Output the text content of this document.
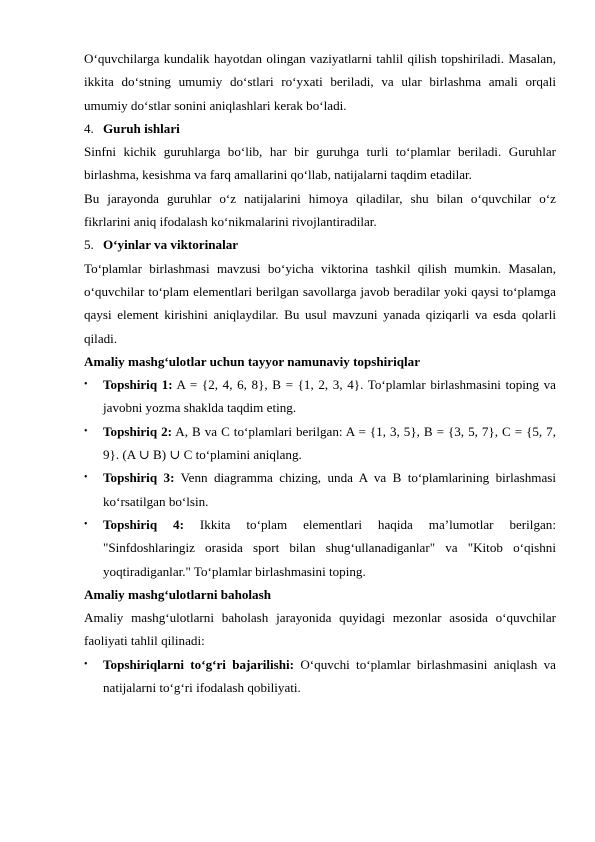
O‘quvchilarga kundalik hayotdan olingan vaziyatlarni tahlil qilish topshiriladi. Masalan, ikkita do‘stning umumiy do‘stlari ro‘yxati beriladi, va ular birlashma amali orqali umumiy do‘stlar sonini aniqlashlari kerak bo‘ladi.

4. Guruh ishlari

Sinfni kichik guruhlarga bo‘lib, har bir guruhga turli to‘plamlar beriladi. Guruhlar birlashma, kesishma va farq amallarini qo‘llab, natijalarni taqdim etadilar.

Bu jarayonda guruhlar o‘z natijalarini himoya qiladilar, shu bilan o‘quvchilar o‘z fikrlarini aniq ifodalash ko‘nikmalarini rivojlantiradilar.

5. O‘yinlar va viktorinalar

To‘plamlar birlashmasi mavzusi bo‘yicha viktorina tashkil qilish mumkin. Masalan, o‘quvchilar to‘plam elementlari berilgan savollarga javob beradilar yoki qaysi to‘plamga qaysi element kirishini aniqlaydilar. Bu usul mavzuni yanada qiziqarli va esda qolarli qiladi.

Amaliy mashg‘ulotlar uchun tayyor namunaviy topshiriqlar

• Topshiriq 1: A = {2, 4, 6, 8}, B = {1, 2, 3, 4}. To‘plamlar birlashmasini toping va javobni yozma shaklda taqdim eting.
• Topshiriq 2: A, B va C to‘plamlari berilgan: A = {1, 3, 5}, B = {3, 5, 7}, C = {5, 7, 9}. (A ∪ B) ∪ C to‘plamini aniqlang.
• Topshiriq 3: Venn diagramma chizing, unda A va B to‘plamlarining birlashmasi ko‘rsatilgan bo‘lsin.
• Topshiriq 4: Ikkita to‘plam elementlari haqida ma’lumotlar berilgan: "Sinfdoshlaringiz orasida sport bilan shug‘ullanadiganlar" va "Kitob o‘qishni yoqtiradiganlar." To‘plamlar birlashmasini toping.

Amaliy mashg‘ulotlarni baholash

Amaliy mashg‘ulotlarni baholash jarayonida quyidagi mezonlar asosida o‘quvchilar faoliyati tahlil qilinadi:

• Topshiriqlarni to‘g‘ri bajarilishi: O‘quvchi to‘plamlar birlashmasini aniqlash va natijalarni to‘g‘ri ifodalash qobiliyati.
